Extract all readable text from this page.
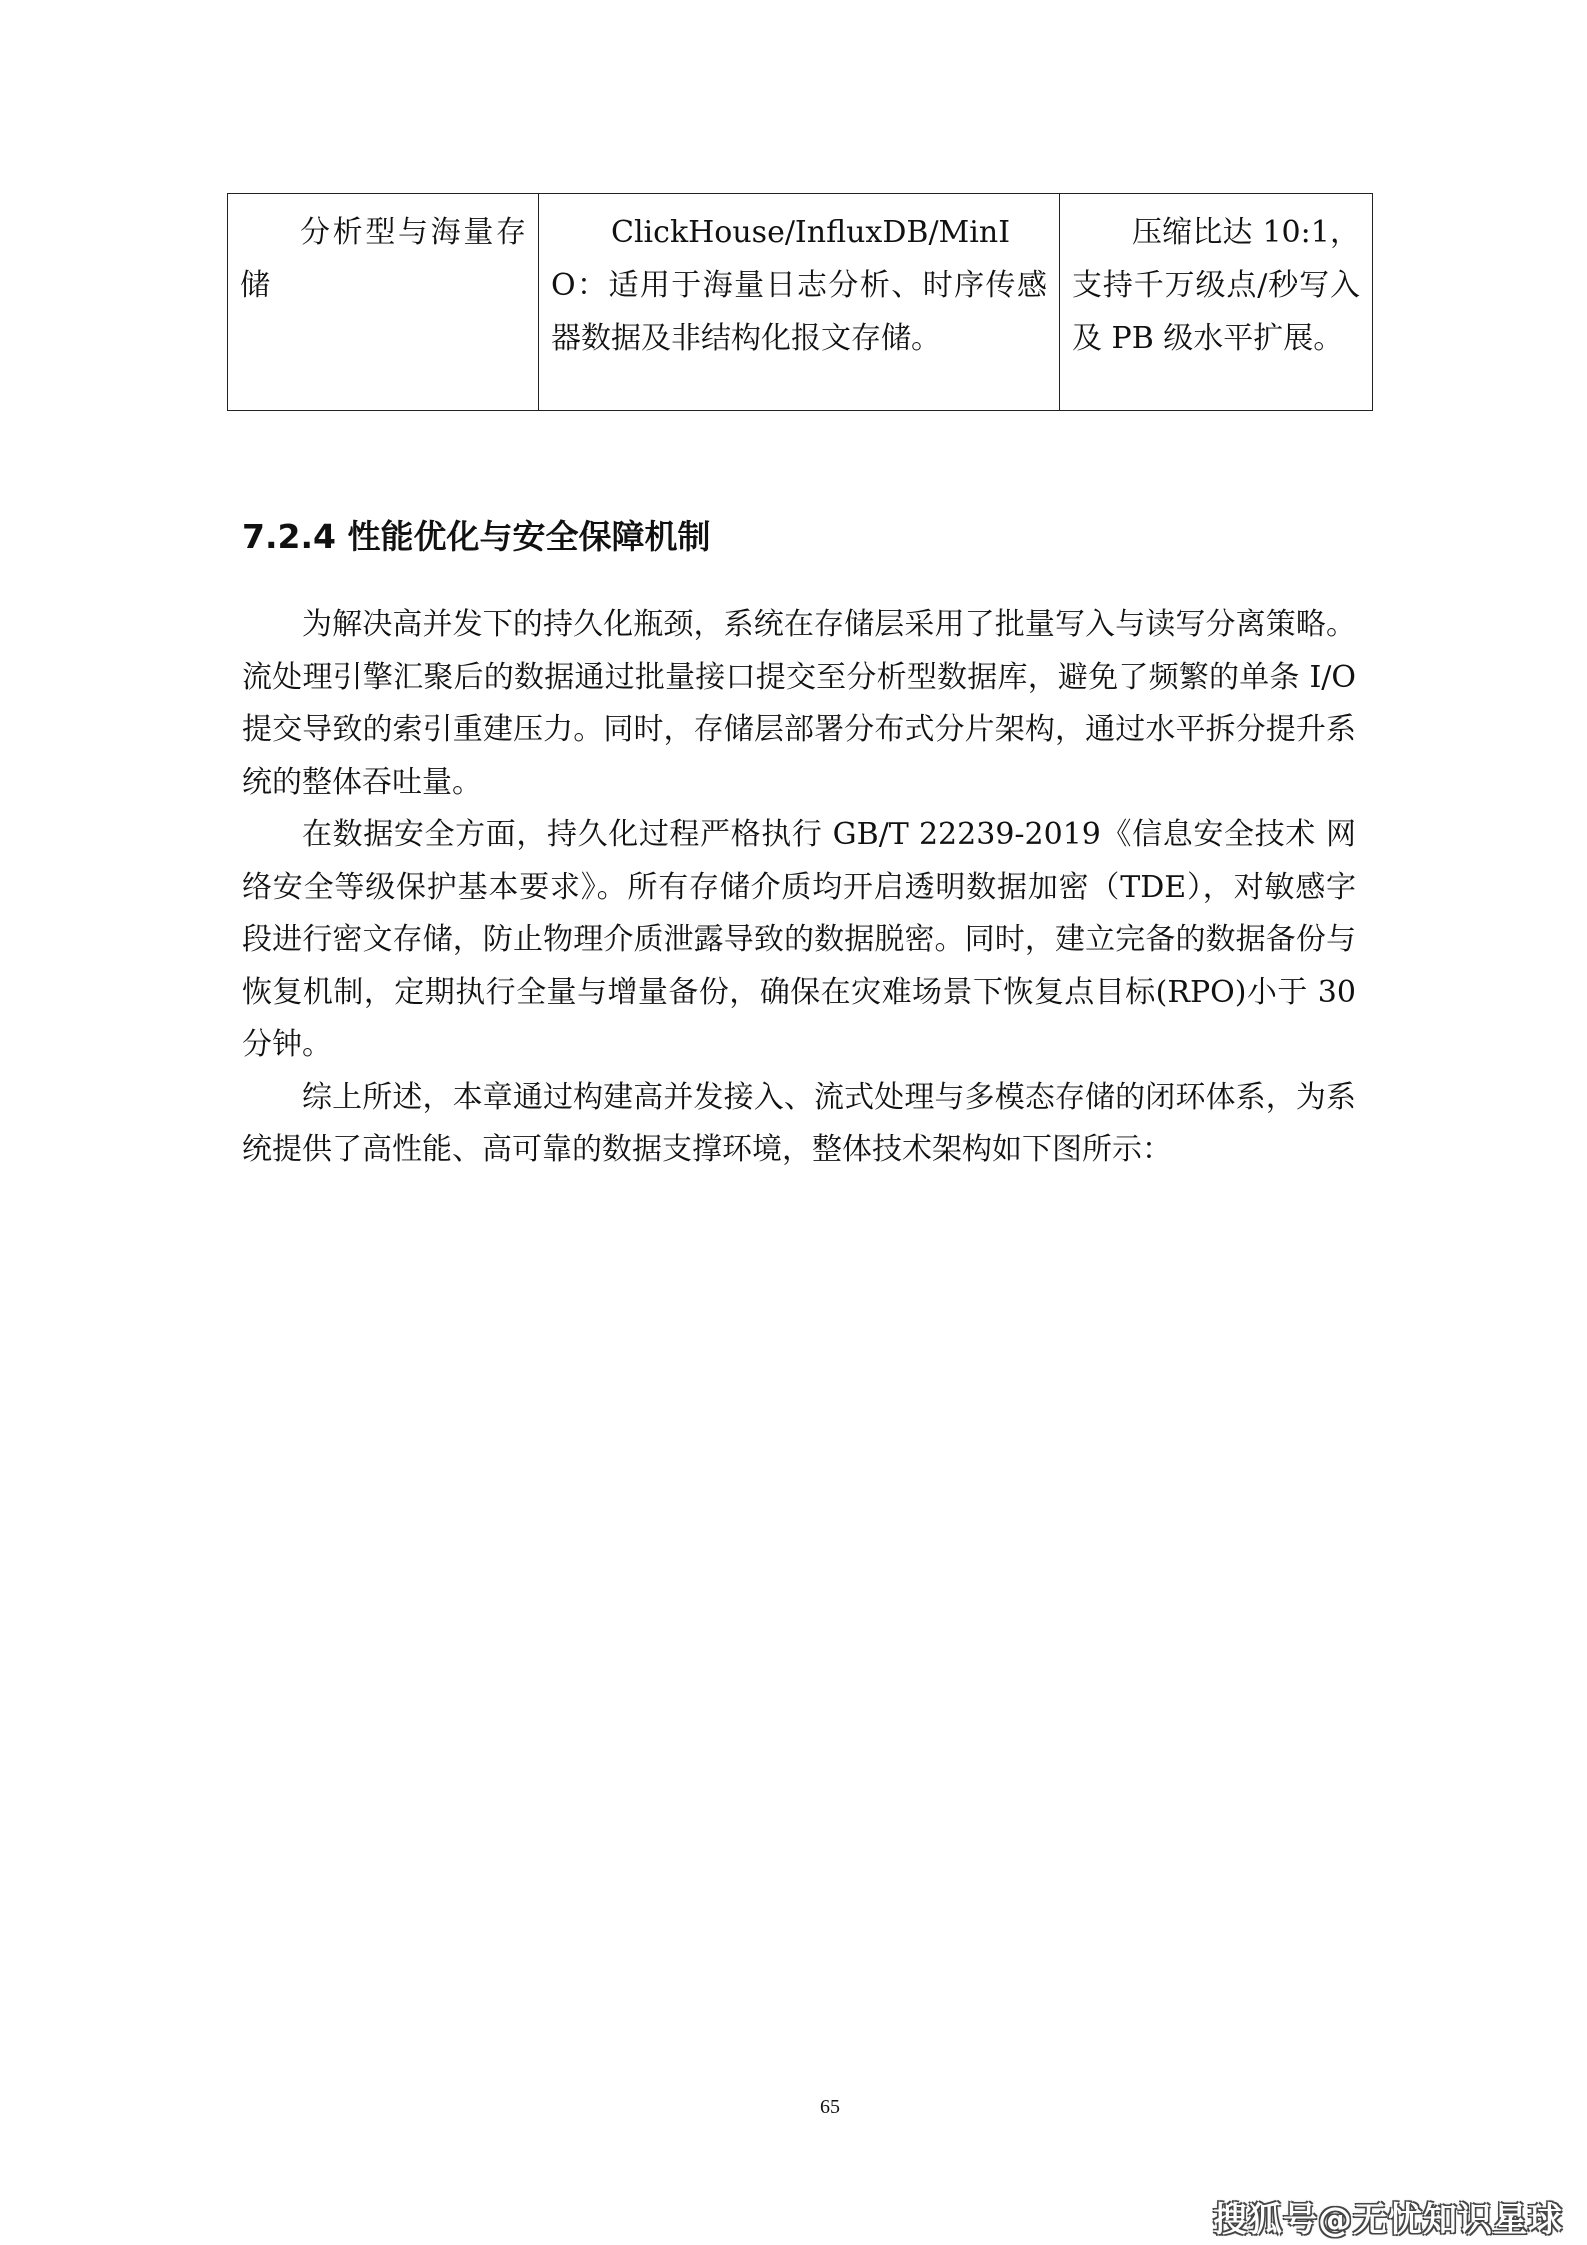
分析型与海量存储	ClickHouse/InfluxDB/MinIO：适用于海量日志分析、时序传感器数据及非结构化报文存储。	压缩比达 10:1，支持千万级点/秒写入及 PB 级水平扩展。
7.2.4 性能优化与安全保障机制

为解决高并发下的持久化瓶颈，系统在存储层采用了批量写入与读写分离策略。流处理引擎汇聚后的数据通过批量接口提交至分析型数据库，避免了频繁的单条 I/O 提交导致的索引重建压力。同时，存储层部署分布式分片架构，通过水平拆分提升系统的整体吞吐量。

在数据安全方面，持久化过程严格执行 GB/T 22239-2019《信息安全技术 网络安全等级保护基本要求》。所有存储介质均开启透明数据加密（TDE），对敏感字段进行密文存储，防止物理介质泄露导致的数据脱密。同时，建立完备的数据备份与恢复机制，定期执行全量与增量备份，确保在灾难场景下恢复点目标(RPO)小于 30 分钟。

综上所述，本章通过构建高并发接入、流式处理与多模态存储的闭环体系，为系统提供了高性能、高可靠的数据支撑环境，整体技术架构如下图所示：

65
搜狐号@无忧知识星球
